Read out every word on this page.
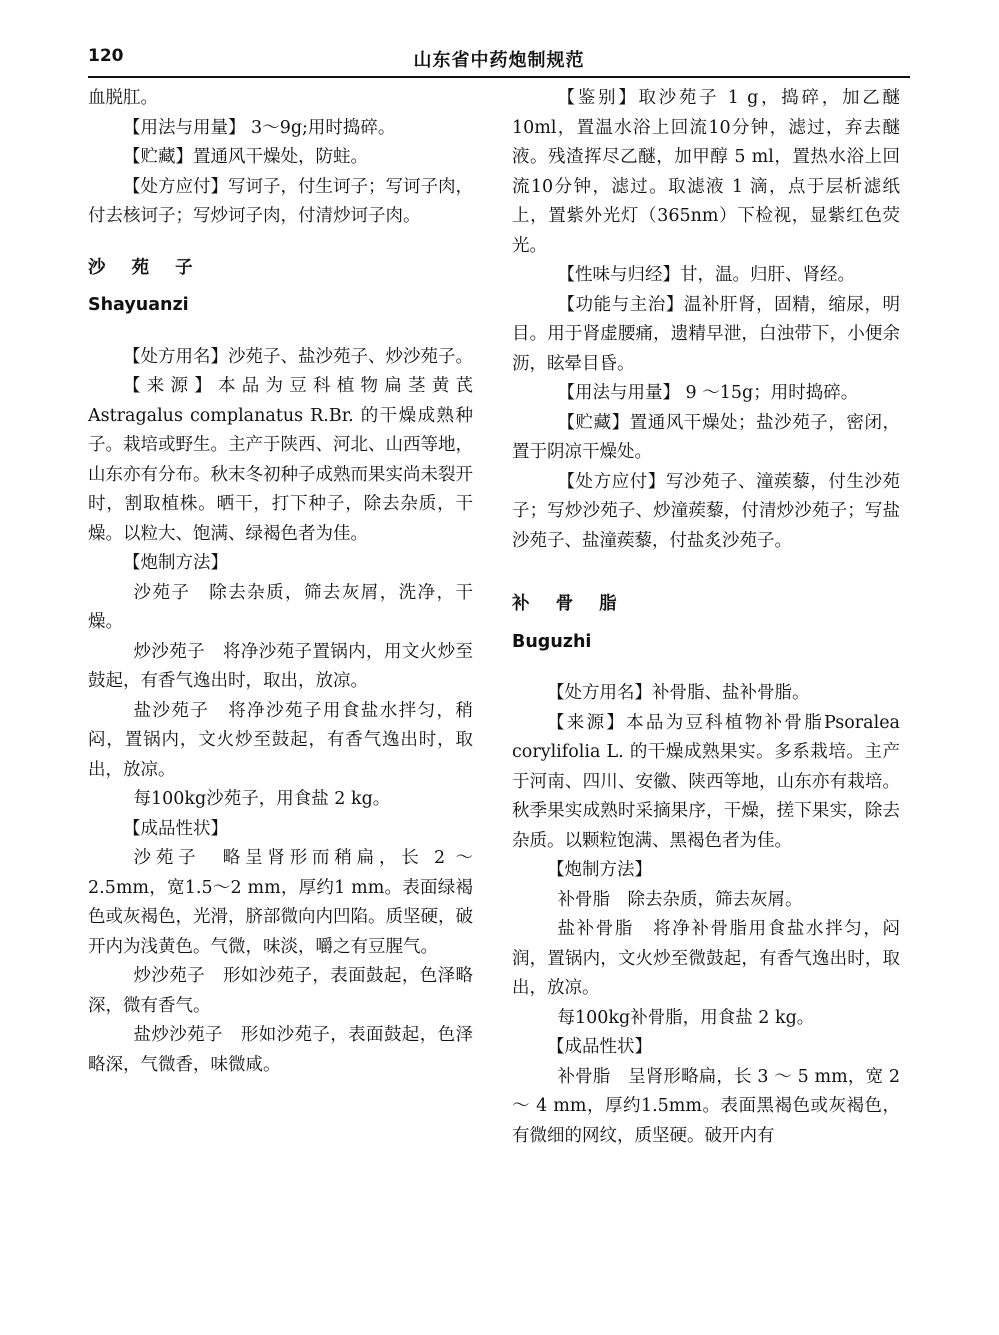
120	山东省中药炮制规范

血脱肛。

【用法与用量】 3～9g;用时捣碎。

【贮藏】置通风干燥处，防蛀。

【处方应付】写诃子，付生诃子；写诃子肉，付去核诃子；写炒诃子肉，付清炒诃子肉。

沙 苑 子

Shayuanzi

【处方用名】沙苑子、盐沙苑子、炒沙苑子。

【来源】本品为豆科植物扁茎黄芪Astragalus complanatus R.Br. 的干燥成熟种子。栽培或野生。主产于陕西、河北、山西等地，山东亦有分布。秋末冬初种子成熟而果实尚未裂开时，割取植株。晒干，打下种子，除去杂质，干燥。以粒大、饱满、绿褐色者为佳。

【炮制方法】

沙苑子　除去杂质，筛去灰屑，洗净，干燥。

炒沙苑子　将净沙苑子置锅内，用文火炒至鼓起，有香气逸出时，取出，放凉。

盐沙苑子　将净沙苑子用食盐水拌匀，稍闷，置锅内，文火炒至鼓起，有香气逸出时，取出，放凉。

每100kg沙苑子，用食盐 2 kg。

【成品性状】

沙苑子　略呈肾形而稍扁，长 2 ～2.5mm，宽1.5～2 mm，厚约1 mm。表面绿褐色或灰褐色，光滑，脐部微向内凹陷。质坚硬，破开内为浅黄色。气微，味淡，嚼之有豆腥气。

炒沙苑子　形如沙苑子，表面鼓起，色泽略深，微有香气。

盐炒沙苑子　形如沙苑子，表面鼓起，色泽略深，气微香，味微咸。

【鉴别】取沙苑子 1 g，捣碎，加乙醚10ml，置温水浴上回流10分钟，滤过，弃去醚液。残渣挥尽乙醚，加甲醇 5 ml，置热水浴上回流10分钟，滤过。取滤液 1 滴，点于层析滤纸上，置紫外光灯（365nm）下检视，显紫红色荧光。

【性味与归经】甘，温。归肝、肾经。

【功能与主治】温补肝肾，固精，缩尿，明目。用于肾虚腰痛，遗精早泄，白浊带下，小便余沥，眩晕目昏。

【用法与用量】 9 ～15g；用时捣碎。

【贮藏】置通风干燥处；盐沙苑子，密闭，置于阴凉干燥处。

【处方应付】写沙苑子、潼蒺藜，付生沙苑子；写炒沙苑子、炒潼蒺藜，付清炒沙苑子；写盐沙苑子、盐潼蒺藜，付盐炙沙苑子。

补 骨 脂

Buguzhi

【处方用名】补骨脂、盐补骨脂。

【来源】本品为豆科植物补骨脂Psoralea corylifolia L. 的干燥成熟果实。多系栽培。主产于河南、四川、安徽、陕西等地，山东亦有栽培。秋季果实成熟时采摘果序，干燥，搓下果实，除去杂质。以颗粒饱满、黑褐色者为佳。

【炮制方法】

补骨脂　除去杂质，筛去灰屑。

盐补骨脂　将净补骨脂用食盐水拌匀，闷润，置锅内，文火炒至微鼓起，有香气逸出时，取出，放凉。

每100kg补骨脂，用食盐 2 kg。

【成品性状】

补骨脂　呈肾形略扁，长 3 ～ 5 mm，宽 2 ～ 4 mm，厚约1.5mm。表面黑褐色或灰褐色，有微细的网纹，质坚硬。破开内有
